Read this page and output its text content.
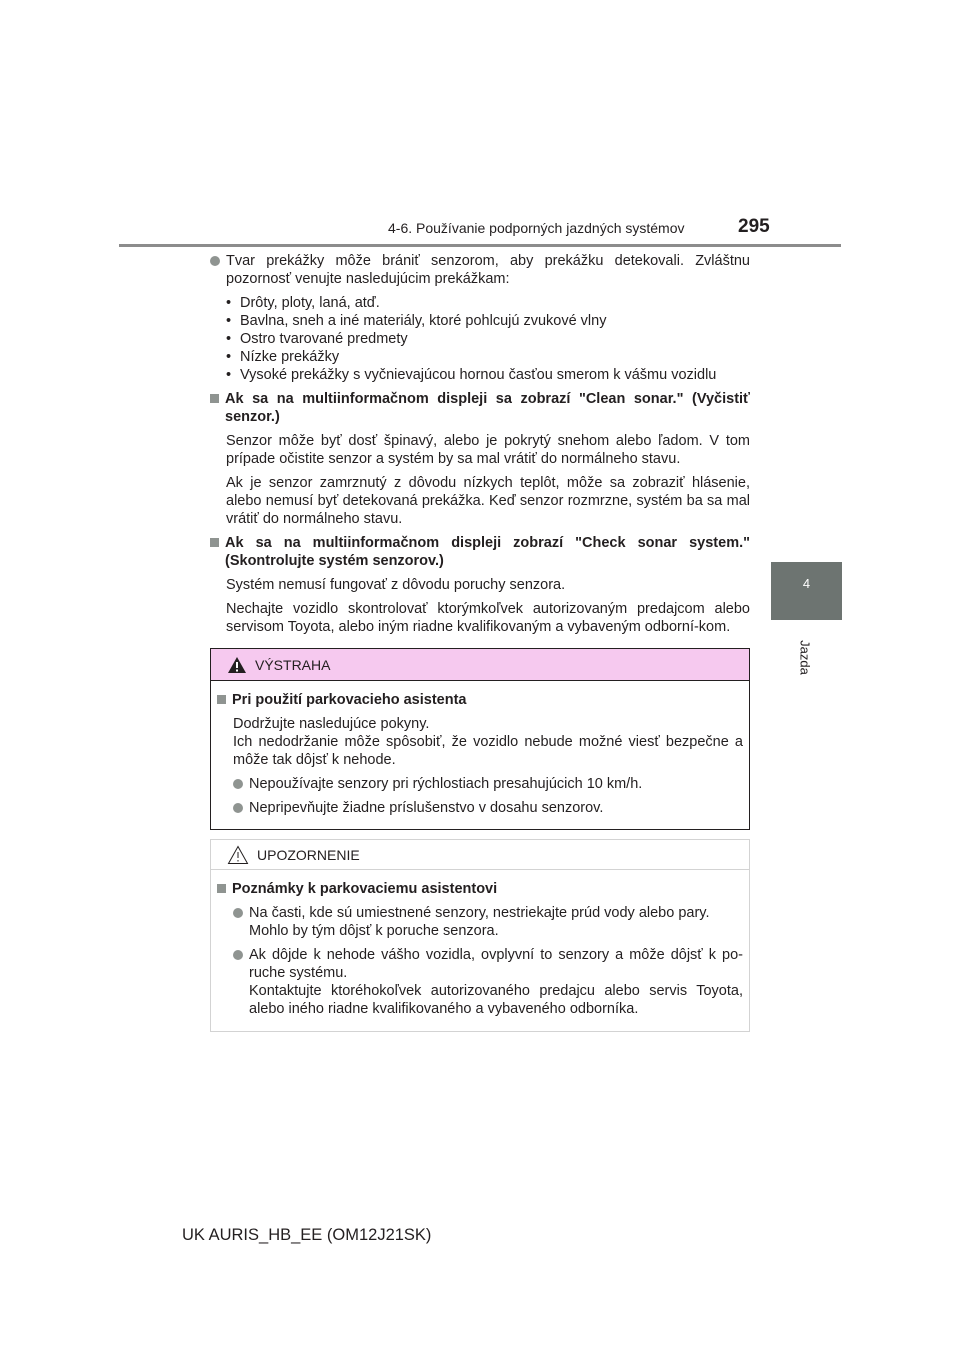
4-6. Používanie podporných jazdných systémov	295
4
Jazda
Tvar prekážky môže brániť senzorom, aby prekážku detekovali. Zvláštnu pozornosť venujte nasledujúcim prekážkam:
• Drôty, ploty, laná, atď.
• Bavlna, sneh a iné materiály, ktoré pohlcujú zvukové vlny
• Ostro tvarované predmety
• Nízke prekážky
• Vysoké prekážky s vyčnievajúcou hornou časťou smerom k vášmu vozidlu
Ak sa na multiinformačnom displeji sa zobrazí "Clean sonar." (Vyčistiť senzor.)
Senzor môže byť dosť špinavý, alebo je pokrytý snehom alebo ľadom. V tom prípade očistite senzor a systém by sa mal vrátiť do normálneho stavu.
Ak je senzor zamrznutý z dôvodu nízkych teplôt, môže sa zobraziť hlásenie, alebo nemusí byť detekovaná prekážka. Keď senzor rozmrzne, systém ba sa mal vrátiť do normálneho stavu.
Ak sa na multiinformačnom displeji zobrazí "Check sonar system." (Skontrolujte systém senzorov.)
Systém nemusí fungovať z dôvodu poruchy senzora.
Nechajte vozidlo skontrolovať ktorýmkoľvek autorizovaným predajcom alebo servisom Toyota, alebo iným riadne kvalifikovaným a vybaveným odborní-kom.
VÝSTRAHA
Pri použití parkovacieho asistenta
Dodržujte nasledujúce pokyny.
Ich nedodržanie môže spôsobiť, že vozidlo nebude možné viesť bezpečne a môže tak dôjsť k nehode.
Nepoužívajte senzory pri rýchlostiach presahujúcich 10 km/h.
Nepripevňujte žiadne príslušenstvo v dosahu senzorov.
UPOZORNENIE
Poznámky k parkovaciemu asistentovi
Na časti, kde sú umiestnené senzory, nestriekajte prúd vody alebo pary.
Mohlo by tým dôjsť k poruche senzora.
Ak dôjde k nehode vášho vozidla, ovplyvní to senzory a môže dôjsť k po-ruche systému.
Kontaktujte ktoréhokoľvek autorizovaného predajcu alebo servis Toyota, alebo iného riadne kvalifikovaného a vybaveného odborníka.
UK AURIS_HB_EE (OM12J21SK)
